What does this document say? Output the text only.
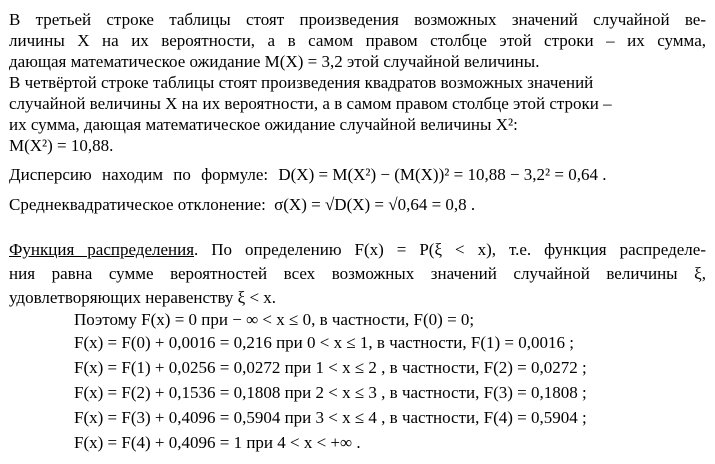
В третьей строке таблицы стоят произведения возможных значений случайной ве-
личины X на их вероятности, а в самом правом столбце этой строки – их сумма,
дающая математическое ожидание M(X) = 3,2 этой случайной величины.
В четвёртой строке таблицы стоят произведения квадратов возможных значений
случайной величины X на их вероятности, а в самом правом столбце этой строки –
их сумма, дающая математическое ожидание случайной величины X²:
M(X²) = 10,88.
Дисперсию находим по формуле: D(X) = M(X²) − (M(X))² = 10,88 − 3,2² = 0,64 .
Среднеквадратическое отклонение: σ(X) = √D(X) = √0,64 = 0,8 .
Функция распределения. По определению F(x) = P(ξ < x), т.е. функция распределе-
ния равна сумме вероятностей всех возможных значений случайной величины ξ,
удовлетворяющих неравенству ξ < x.
Поэтому F(x) = 0 при − ∞ < x ≤ 0, в частности, F(0) = 0;
F(x) = F(0) + 0,0016 = 0,216 при 0 < x ≤ 1, в частности, F(1) = 0,0016 ;
F(x) = F(1) + 0,0256 = 0,0272 при 1 < x ≤ 2 , в частности, F(2) = 0,0272 ;
F(x) = F(2) + 0,1536 = 0,1808 при 2 < x ≤ 3 , в частности, F(3) = 0,1808 ;
F(x) = F(3) + 0,4096 = 0,5904 при 3 < x ≤ 4 , в частности, F(4) = 0,5904 ;
F(x) = F(4) + 0,4096 = 1 при 4 < x < +∞ .
